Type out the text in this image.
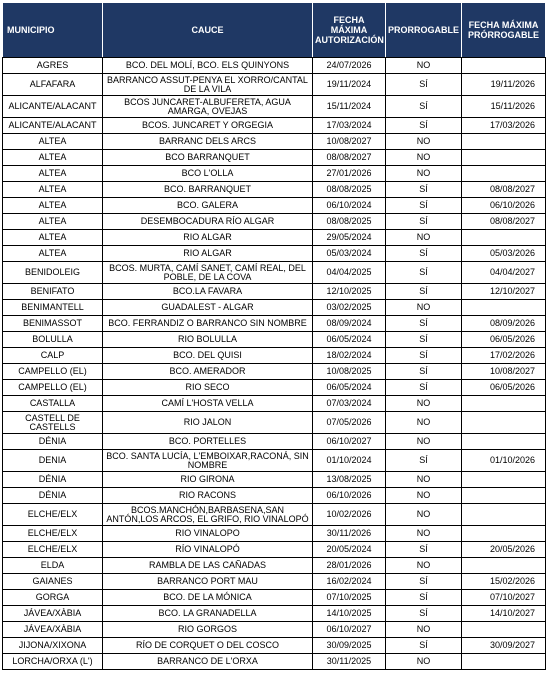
MUNICIPIO	CAUCE	FECHA MÁXIMA AUTORIZACIÓN	PRORROGABLE	FECHA MÁXIMA PRÓRROGABLE
AGRES	BCO. DEL MOLÍ, BCO. ELS QUINYONS	24/07/2026	NO	
ALFAFARA	BARRANCO ASSUT-PENYA EL XORRO/CANTAL DE LA VILA	19/11/2024	SÍ	19/11/2026
ALICANTE/ALACANT	BCOS JUNCARET-ALBUFERETA, AGUA AMARGA, OVEJAS	15/11/2024	SÍ	15/11/2026
ALICANTE/ALACANT	BCOS. JUNCARET Y ORGEGIA	17/03/2024	SÍ	17/03/2026
ALTEA	BARRANC DELS ARCS	10/08/2027	NO	
ALTEA	BCO BARRANQUET	08/08/2027	NO	
ALTEA	BCO L'OLLA	27/01/2026	NO	
ALTEA	BCO. BARRANQUET	08/08/2025	SÍ	08/08/2027
ALTEA	BCO. GALERA	06/10/2024	SÍ	06/10/2026
ALTEA	DESEMBOCADURA RÍO ALGAR	08/08/2025	SÍ	08/08/2027
ALTEA	RIO ALGAR	29/05/2024	NO	
ALTEA	RIO ALGAR	05/03/2024	SÍ	05/03/2026
BENIDOLEIG	BCOS. MURTA, CAMÍ SANET, CAMÍ REAL, DEL POBLE, DE LA COVA	04/04/2025	SÍ	04/04/2027
BENIFATO	BCO.LA FAVARA	12/10/2025	SÍ	12/10/2027
BENIMANTELL	GUADALEST - ALGAR	03/02/2025	NO	
BENIMASSOT	BCO. FERRANDIZ O BARRANCO SIN NOMBRE	08/09/2024	SÍ	08/09/2026
BOLULLA	RIO BOLULLA	06/05/2024	SÍ	06/05/2026
CALP	BCO. DEL QUISI	18/02/2024	SÍ	17/02/2026
CAMPELLO (EL)	BCO. AMERADOR	10/08/2025	SÍ	10/08/2027
CAMPELLO (EL)	RIO SECO	06/05/2024	SÍ	06/05/2026
CASTALLA	CAMÍ L'HOSTA VELLA	07/03/2024	NO	
CASTELL DE CASTELLS	RIO JALON	07/05/2026	NO	
DÉNIA	BCO. PORTELLES	06/10/2027	NO	
DENIA	BCO. SANTA LUCÍA, L'EMBOIXAR,RACONÁ, SIN NOMBRE	01/10/2024	SÍ	01/10/2026
DÉNIA	RIO GIRONA	13/08/2025	NO	
DÉNIA	RIO RACONS	06/10/2026	NO	
ELCHE/ELX	BCOS.MANCHÓN,BARBASENA,SAN ANTÓN,LOS ARCOS, EL GRIFO, RIO VINALOPÓ	10/02/2026	NO	
ELCHE/ELX	RIO VINALOPO	30/11/2026	NO	
ELCHE/ELX	RÍO VINALOPÓ	20/05/2024	SÍ	20/05/2026
ELDA	RAMBLA DE LAS CAÑADAS	28/01/2026	NO	
GAIANES	BARRANCO PORT MAU	16/02/2024	SÍ	15/02/2026
GORGA	BCO. DE LA MÓNICA	07/10/2025	SÍ	07/10/2027
JÁVEA/XÀBIA	BCO. LA GRANADELLA	14/10/2025	SÍ	14/10/2027
JÁVEA/XÀBIA	RIO GORGOS	06/10/2027	NO	
JIJONA/XIXONA	RÍO DE CORQUET O DEL COSCO	30/09/2025	SÍ	30/09/2027
LORCHA/ORXA (L')	BARRANCO DE L'ORXA	30/11/2025	NO	
